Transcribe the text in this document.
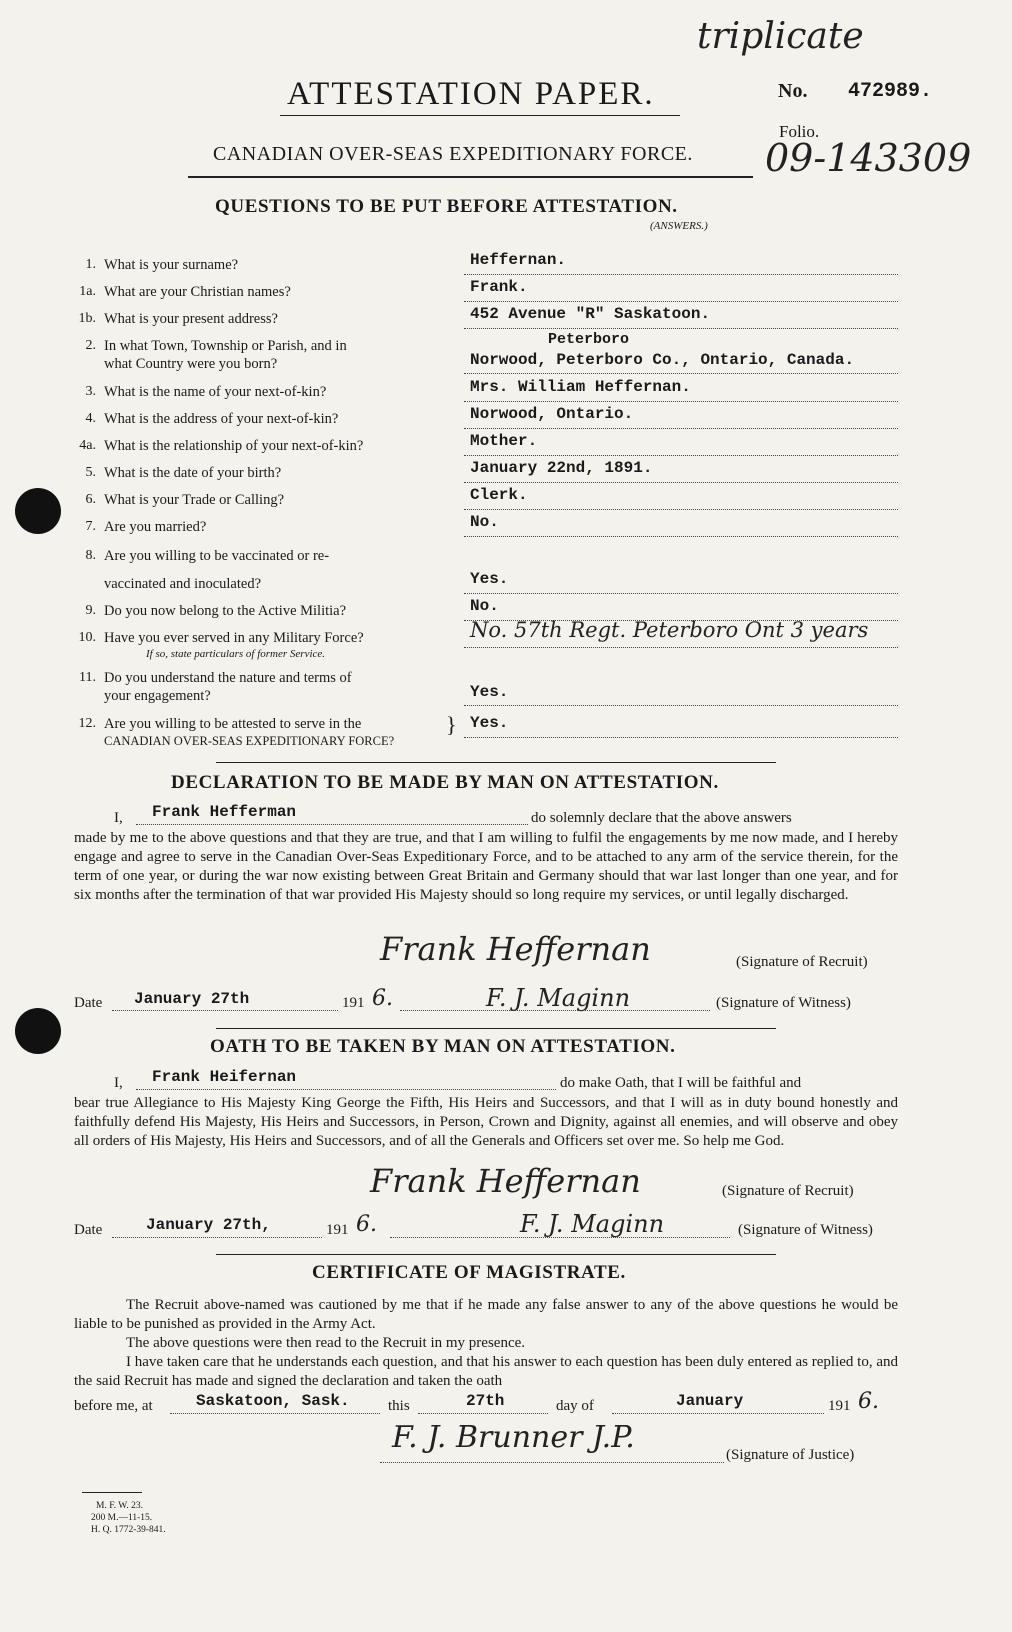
triplicate
ATTESTATION PAPER.	No. 472989.
CANADIAN OVER-SEAS EXPEDITIONARY FORCE.
Folio.
09-143309
QUESTIONS TO BE PUT BEFORE ATTESTATION.
(ANSWERS.)
1. What is your surname?	Heffernan.
1a. What are your Christian names?	Frank.
1b. What is your present address?	452 Avenue "R" Saskatoon.
2. In what Town, Township or Parish, and in
what Country were you born?
Peterboro
Norwood, Peterboro Co., Ontario, Canada.
3. What is the name of your next-of-kin?	Mrs. William Heffernan.
4. What is the address of your next-of-kin?	Norwood, Ontario.
4a. What is the relationship of your next-of-kin?	Mother.
5. What is the date of your birth?	January 22nd, 1891.
6. What is your Trade or Calling?	Clerk.
7. Are you married?	No.
8. Are you willing to be vaccinated or re-
vaccinated and inoculated?	Yes.
9. Do you now belong to the Active Militia?	No.
10. Have you ever served in any Military Force?
If so, state particulars of former Service.
No. 57th Regt. Peterboro Ont 3 years
11. Do you understand the nature and terms of
your engagement?	Yes.
12. Are you willing to be attested to serve in the
CANADIAN OVER-SEAS EXPEDITIONARY FORCE?
} Yes.
DECLARATION TO BE MADE BY MAN ON ATTESTATION.
I, Frank Hefferman	do solemnly declare that the above answers
made by me to the above questions and that they are true, and that I am willing to fulfil the engagements by me now made, and I hereby engage and agree to serve in the Canadian Over-Seas Expeditionary Force, and to be attached to any arm of the service therein, for the term of one year, or during the war now existing between Great Britain and Germany should that war last longer than one year, and for six months after the termination of that war provided His Majesty should so long require my services, or until legally discharged.
Frank Heffernan	(Signature of Recruit)
Date January 27th	191 6.	F. J. Maginn	(Signature of Witness)
OATH TO BE TAKEN BY MAN ON ATTESTATION.
I, Frank Heifernan	do make Oath, that I will be faithful and
bear true Allegiance to His Majesty King George the Fifth, His Heirs and Successors, and that I will as in duty bound honestly and faithfully defend His Majesty, His Heirs and Successors, in Person, Crown and Dignity, against all enemies, and will observe and obey all orders of His Majesty, His Heirs and Successors, and of all the Generals and Officers set over me. So help me God.
Frank Heffernan	(Signature of Recruit)
Date	January 27th,	191 6.	F. J. Maginn	(Signature of Witness)
CERTIFICATE OF MAGISTRATE.
The Recruit above-named was cautioned by me that if he made any false answer to any of the above questions he would be liable to be punished as provided in the Army Act.
The above questions were then read to the Recruit in my presence.
I have taken care that he understands each question, and that his answer to each question has been duly entered as replied to, and the said Recruit has made and signed the declaration and taken the oath
before me, at	Saskatoon, Sask.	this	27th	day of	January	191 6.
F. J. Brunner J.P.	(Signature of Justice)
M. F. W. 23.
200 M.—11-15.
H. Q. 1772-39-841.
